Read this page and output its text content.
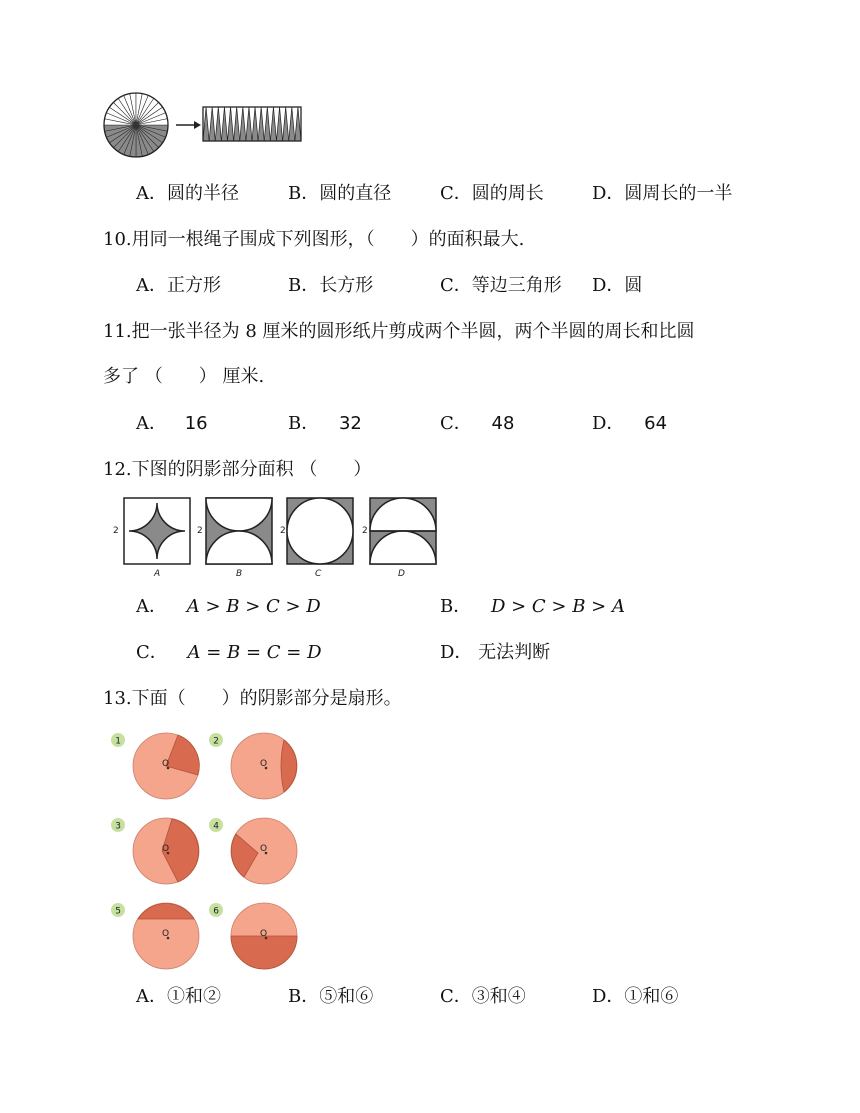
A．圆的半径	B．圆的直径	C．圆的周长	D．圆周长的一半
10.用同一根绳子围成下列图形，（　　）的面积最大.
A．正方形	B．长方形	C．等边三角形 D．圆
11.把一张半径为 8 厘米的圆形纸片剪成两个半圆，两个半圆的周长和比圆
多了 （　　） 厘米.
A． 16	B． 32	C． 48	D． 64
12.下图的阴影部分面积 （　　）
2
A
2
B
2
C
2
D
A． A > B > C > D	B． D > C > B > A
C． A = B = C = D	D． 无法判断
13.下面（　　）的阴影部分是扇形。
1
O
2
O
3
O
4
O
5
O
6
O
A．①和②	B．⑤和⑥	C．③和④	D．①和⑥
